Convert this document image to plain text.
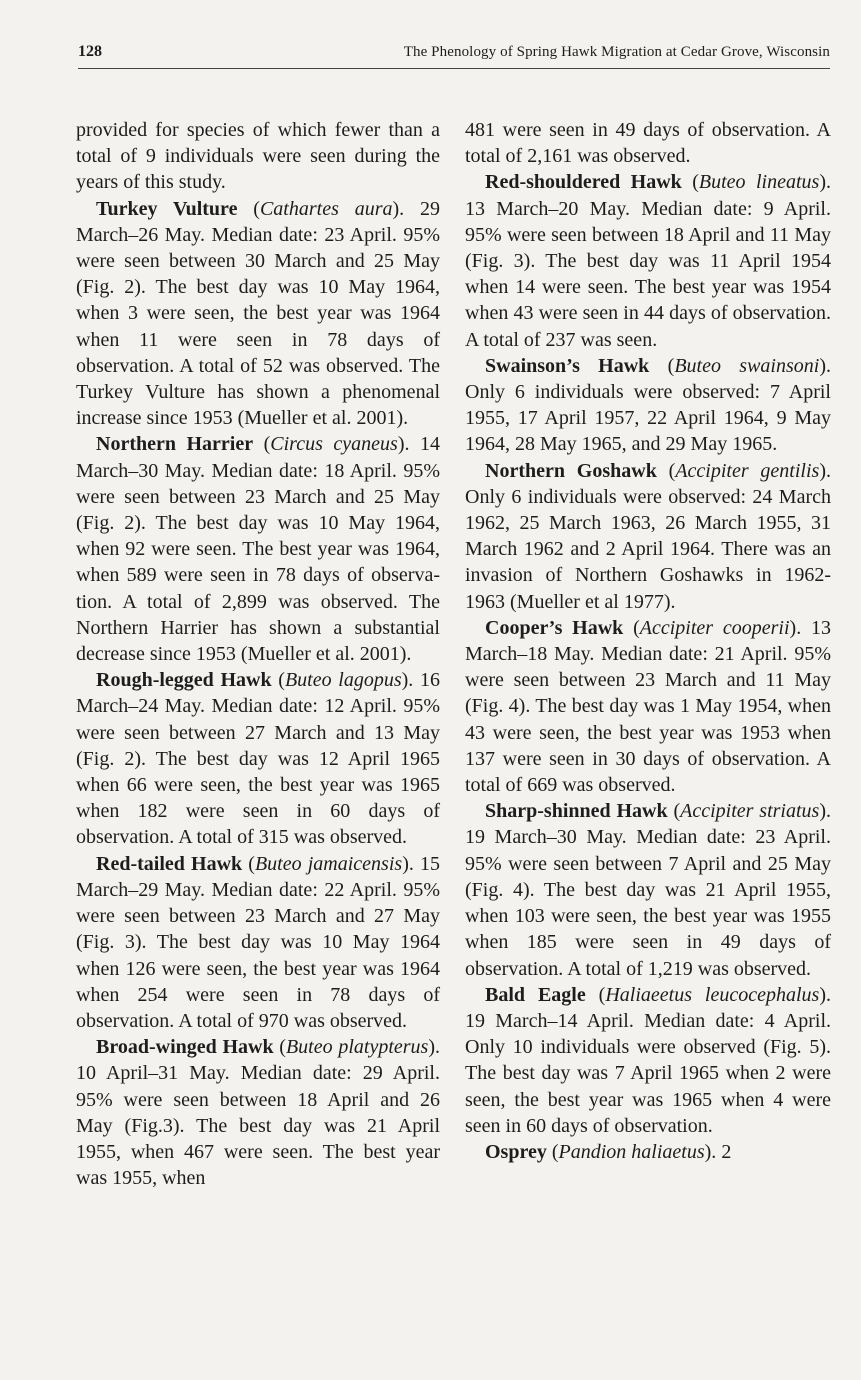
128	The Phenology of Spring Hawk Migration at Cedar Grove, Wisconsin

provided for species of which fewer than a total of 9 individuals were seen during the years of this study.

Turkey Vulture (Cathartes aura). 29 March–26 May. Median date: 23 April. 95% were seen between 30 March and 25 May (Fig. 2). The best day was 10 May 1964, when 3 were seen, the best year was 1964 when 11 were seen in 78 days of observation. A total of 52 was observed. The Turkey Vulture has shown a phenomenal increase since 1953 (Mueller et al. 2001).

Northern Harrier (Circus cyaneus). 14 March–30 May. Median date: 18 April. 95% were seen between 23 March and 25 May (Fig. 2). The best day was 10 May 1964, when 92 were seen. The best year was 1964, when 589 were seen in 78 days of observation. A total of 2,899 was observed. The Northern Harrier has shown a substantial decrease since 1953 (Mueller et al. 2001).

Rough-legged Hawk (Buteo lagopus). 16 March–24 May. Median date: 12 April. 95% were seen between 27 March and 13 May (Fig. 2). The best day was 12 April 1965 when 66 were seen, the best year was 1965 when 182 were seen in 60 days of observation. A total of 315 was observed.

Red-tailed Hawk (Buteo jamaicensis). 15 March–29 May. Median date: 22 April. 95% were seen between 23 March and 27 May (Fig. 3). The best day was 10 May 1964 when 126 were seen, the best year was 1964 when 254 were seen in 78 days of observation. A total of 970 was observed.

Broad-winged Hawk (Buteo platypterus). 10 April–31 May. Median date: 29 April. 95% were seen between 18 April and 26 May (Fig.3). The best day was 21 April 1955, when 467 were seen. The best year was 1955, when

481 were seen in 49 days of observation. A total of 2,161 was observed.

Red-shouldered Hawk (Buteo lineatus). 13 March–20 May. Median date: 9 April. 95% were seen between 18 April and 11 May (Fig. 3). The best day was 11 April 1954 when 14 were seen. The best year was 1954 when 43 were seen in 44 days of observation. A total of 237 was seen.

Swainson’s Hawk (Buteo swainsoni). Only 6 individuals were observed: 7 April 1955, 17 April 1957, 22 April 1964, 9 May 1964, 28 May 1965, and 29 May 1965.

Northern Goshawk (Accipiter gentilis). Only 6 individuals were observed: 24 March 1962, 25 March 1963, 26 March 1955, 31 March 1962 and 2 April 1964. There was an invasion of Northern Goshawks in 1962-1963 (Mueller et al 1977).

Cooper’s Hawk (Accipiter cooperii). 13 March–18 May. Median date: 21 April. 95% were seen between 23 March and 11 May (Fig. 4). The best day was 1 May 1954, when 43 were seen, the best year was 1953 when 137 were seen in 30 days of observation. A total of 669 was observed.

Sharp-shinned Hawk (Accipiter striatus). 19 March–30 May. Median date: 23 April. 95% were seen between 7 April and 25 May (Fig. 4). The best day was 21 April 1955, when 103 were seen, the best year was 1955 when 185 were seen in 49 days of observation. A total of 1,219 was observed.

Bald Eagle (Haliaeetus leucocephalus). 19 March–14 April. Median date: 4 April. Only 10 individuals were observed (Fig. 5). The best day was 7 April 1965 when 2 were seen, the best year was 1965 when 4 were seen in 60 days of observation.

Osprey (Pandion haliaetus). 2
